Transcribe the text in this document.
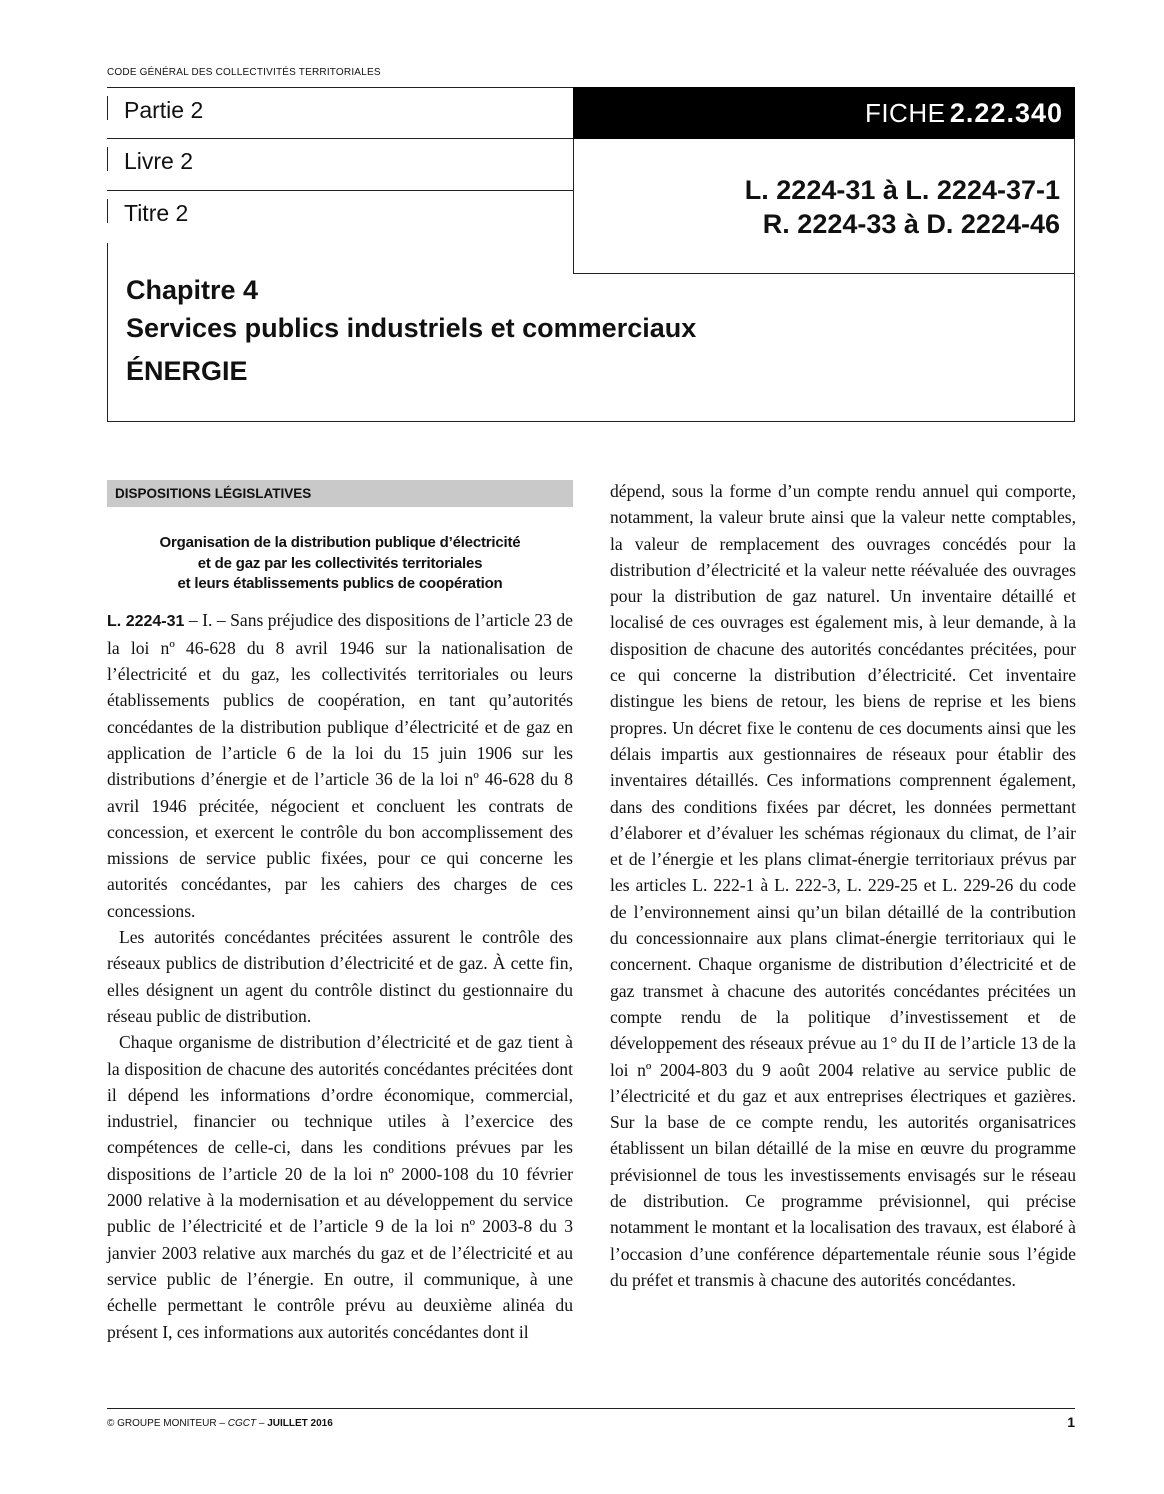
CODE GÉNÉRAL DES COLLECTIVITÉS TERRITORIALES
Partie 2
Livre 2
Titre 2
FICHE 2.22.340
L. 2224-31 à L. 2224-37-1
R. 2224-33 à D. 2224-46
Chapitre 4
Services publics industriels et commerciaux
ÉNERGIE
DISPOSITIONS LÉGISLATIVES
Organisation de la distribution publique d’électricité
et de gaz par les collectivités territoriales
et leurs établissements publics de coopération

L. 2224-31 – I. – Sans préjudice des dispositions de l’article 23 de la loi nº 46-628 du 8 avril 1946 sur la nationalisation de l’électricité et du gaz, les collectivités territoriales ou leurs établissements publics de coopération, en tant qu’autorités concédantes de la distribution publique d’électricité et de gaz en application de l’article 6 de la loi du 15 juin 1906 sur les distributions d’énergie et de l’article 36 de la loi nº 46-628 du 8 avril 1946 précitée, négocient et concluent les contrats de concession, et exercent le contrôle du bon accomplissement des missions de service public fixées, pour ce qui concerne les autorités concédantes, par les cahiers des charges de ces concessions.

Les autorités concédantes précitées assurent le contrôle des réseaux publics de distribution d’électricité et de gaz. À cette fin, elles désignent un agent du contrôle distinct du gestionnaire du réseau public de distribution.

Chaque organisme de distribution d’électricité et de gaz tient à la disposition de chacune des autorités concédantes précitées dont il dépend les informations d’ordre économique, commercial, industriel, financier ou technique utiles à l’exercice des compétences de celle-ci, dans les conditions prévues par les dispositions de l’article 20 de la loi nº 2000-108 du 10 février 2000 relative à la modernisation et au développement du service public de l’électricité et de l’article 9 de la loi nº 2003-8 du 3 janvier 2003 relative aux marchés du gaz et de l’électricité et au service public de l’énergie. En outre, il communique, à une échelle permettant le contrôle prévu au deuxième alinéa du présent I, ces informations aux autorités concédantes dont il

dépend, sous la forme d’un compte rendu annuel qui comporte, notamment, la valeur brute ainsi que la valeur nette comptables, la valeur de remplacement des ouvrages concédés pour la distribution d’électricité et la valeur nette réévaluée des ouvrages pour la distribution de gaz naturel. Un inventaire détaillé et localisé de ces ouvrages est également mis, à leur demande, à la disposition de chacune des autorités concédantes précitées, pour ce qui concerne la distribution d’électricité. Cet inventaire distingue les biens de retour, les biens de reprise et les biens propres. Un décret fixe le contenu de ces documents ainsi que les délais impartis aux gestionnaires de réseaux pour établir des inventaires détaillés. Ces informations comprennent également, dans des conditions fixées par décret, les données permettant d’élaborer et d’évaluer les schémas régionaux du climat, de l’air et de l’énergie et les plans climat-énergie territoriaux prévus par les articles L. 222-1 à L. 222-3, L. 229-25 et L. 229-26 du code de l’environnement ainsi qu’un bilan détaillé de la contribution du concessionnaire aux plans climat-énergie territoriaux qui le concernent. Chaque organisme de distribution d’électricité et de gaz transmet à chacune des autorités concédantes précitées un compte rendu de la politique d’investissement et de développement des réseaux prévue au 1° du II de l’article 13 de la loi nº 2004-803 du 9 août 2004 relative au service public de l’électricité et du gaz et aux entreprises électriques et gazières. Sur la base de ce compte rendu, les autorités organisatrices établissent un bilan détaillé de la mise en œuvre du programme prévisionnel de tous les investissements envisagés sur le réseau de distribution. Ce programme prévisionnel, qui précise notamment le montant et la localisation des travaux, est élaboré à l’occasion d’une conférence départementale réunie sous l’égide du préfet et transmis à chacune des autorités concédantes.

© GROUPE MONITEUR – CGCT – JUILLET 2016	1
